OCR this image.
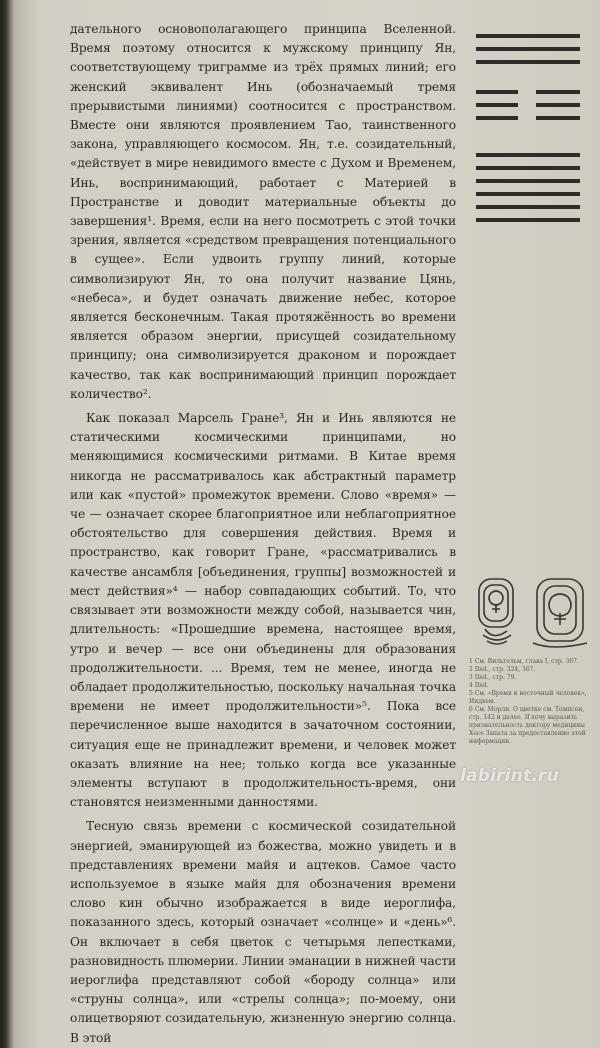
дательного основополагающего принципа Вселенной. Время поэтому относится к мужскому принципу Ян, соответствующему триграмме из трёх прямых линий; его женский эквивалент Инь (обозначаемый тремя прерывистыми линиями) соотносится с пространством. Вместе они являются проявлением Тао, таинственного закона, управляющего космосом. Ян, т.е. созидательный, «действует в мире невидимого вместе с Духом и Временем, Инь, воспринимающий, работает с Материей в Пространстве и доводит материальные объекты до завершения¹. Время, если на него посмотреть с этой точки зрения, является «средством превращения потенциального в сущее». Если удвоить группу линий, которые символизируют Ян, то она получит название Цянь, «небеса», и будет означать движение небес, которое является бесконечным. Такая протяжённость во времени является образом энергии, присущей созидательному принципу; она символизируется драконом и порождает качество, так как воспринимающий принцип порождает количество².

Как показал Марсель Гране³, Ян и Инь являются не статическими космическими принципами, но меняющимися космическими ритмами. В Китае время никогда не рассматривалось как абстрактный параметр или как «пустой» промежуток времени. Слово «время» — че — означает скорее благоприятное или неблагоприятное обстоятельство для совершения действия. Время и пространство, как говорит Гране, «рассматривались в качестве ансамбля [объединения, группы] возможностей и мест действия»⁴ — набор совпадающих событий. То, что связывает эти возможности между собой, называется чин, длительность: «Прошедшие времена, настоящее время, утро и вечер — все они объединены для образования продолжительности. ... Время, тем не менее, иногда не обладает продолжительностью, поскольку начальная точка времени не имеет продолжительности»⁵. Пока все перечисленное выше находится в зачаточном состоянии, ситуация еще не принадлежит времени, и человек может оказать влияние на нее; только когда все указанные элементы вступают в продолжительность-время, они становятся неизменными данностями.

Тесную связь времени с космической созидательной энергией, эманирующей из божества, можно увидеть и в представлениях времени майя и ацтеков. Самое часто используемое в языке майя для обозначения времени слово кин обычно изображается в виде иероглифа, показанного здесь, который означает «солнце» и «день»⁶. Он включает в себя цветок с четырьмя лепестками, разновидность плюмерии. Линии эманации в нижней части иероглифа представляют собой «бороду солнца» или «струны солнца», или «стрелы солнца»; по-моему, они олицетворяют созидательную, жизненную энергию солнца. В этой

1 См. Вильгельм, глава I, стр. 367.
2 Ibid., стр. 324, 367.
3 Ibid., стр. 79.
4 Ibid.
5 См. «Время и восточный человек», Иидхем.
6 См. Морли. О цветке см. Томпсон, стр. 142 и далее. Я хочу выразить признательность доктору медицины Хосе Запата за предоставление этой информации.
labirint.ru
